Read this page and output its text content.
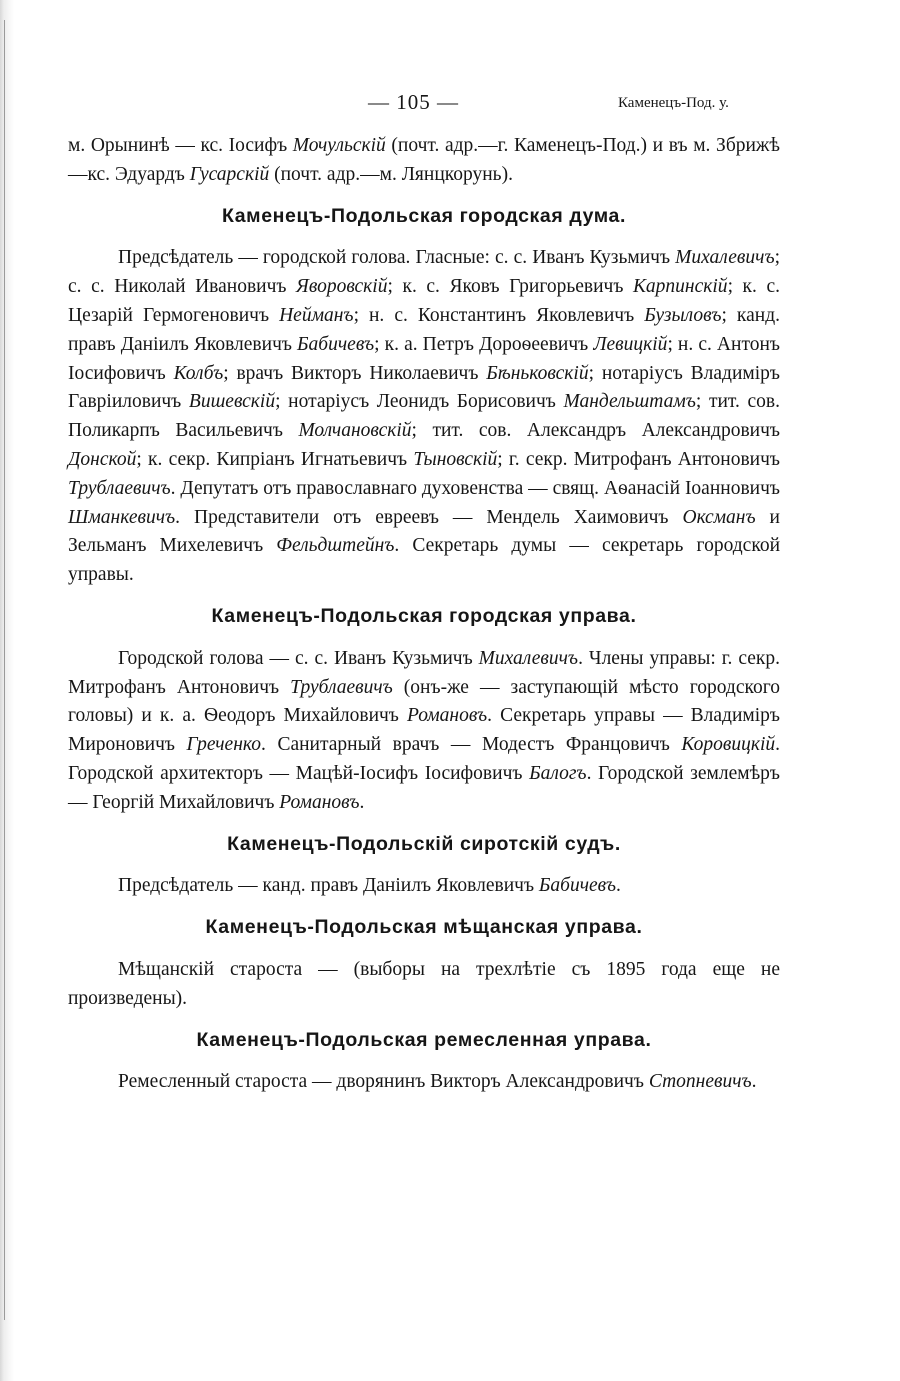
— 105 —	Каменецъ-Под. у.

м. Орынинѣ — кс. Іосифъ Мочульскій (почт. адр.—г. Каменецъ-Под.) и въ м. Збрижѣ—кс. Эдуардъ Гусарскій (почт. адр.—м. Лянцкорунь).

Каменецъ-Подольская городская дума.

Предсѣдатель — городской голова. Гласные: с. с. Иванъ Кузьмичъ Михалевичъ; с. с. Николай Ивановичъ Яворовскій; к. с. Яковъ Григорьевичъ Карпинскій; к. с. Цезарій Гермогеновичъ Нейманъ; н. с. Константинъ Яковлевичъ Бузыловъ; канд. правъ Даніилъ Яковлевичъ Бабичевъ; к. а. Петръ Дороѳеевичъ Левицкій; н. с. Антонъ Іосифовичъ Колбъ; врачъ Викторъ Николаевичъ Бѣньковскій; нотаріусъ Владиміръ Гавріиловичъ Вишевскій; нотаріусъ Леонидъ Борисовичъ Мандельштамъ; тит. сов. Поликарпъ Васильевичъ Молчановскій; тит. сов. Александръ Александровичъ Донской; к. секр. Кипріанъ Игнатьевичъ Тыновскій; г. секр. Митрофанъ Антоновичъ Трублаевичъ. Депутатъ отъ православнаго духовенства — свящ. Аѳанасій Іоанновичъ Шманкевичъ. Представители отъ евреевъ — Мендель Хаимовичъ Оксманъ и Зельманъ Михелевичъ Фельдштейнъ. Секретарь думы — секретарь городской управы.

Каменецъ-Подольская городская управа.

Городской голова — с. с. Иванъ Кузьмичъ Михалевичъ. Члены управы: г. секр. Митрофанъ Антоновичъ Трублаевичъ (онъ-же — заступающій мѣсто городского головы) и к. а. Ѳеодоръ Михайловичъ Романовъ. Секретарь управы — Владиміръ Мироновичъ Греченко. Санитарный врачъ — Модестъ Францовичъ Коровицкій. Городской архитекторъ — Мацѣй-Іосифъ Іосифовичъ Балогъ. Городской землемѣръ — Георгій Михайловичъ Романовъ.

Каменецъ-Подольскій сиротскій судъ.

Предсѣдатель — канд. правъ Даніилъ Яковлевичъ Бабичевъ.

Каменецъ-Подольская мѣщанская управа.

Мѣщанскій староста — (выборы на трехлѣтіе съ 1895 года еще не произведены).

Каменецъ-Подольская ремесленная управа.

Ремесленный староста — дворянинъ Викторъ Александровичъ Стопневичъ.
